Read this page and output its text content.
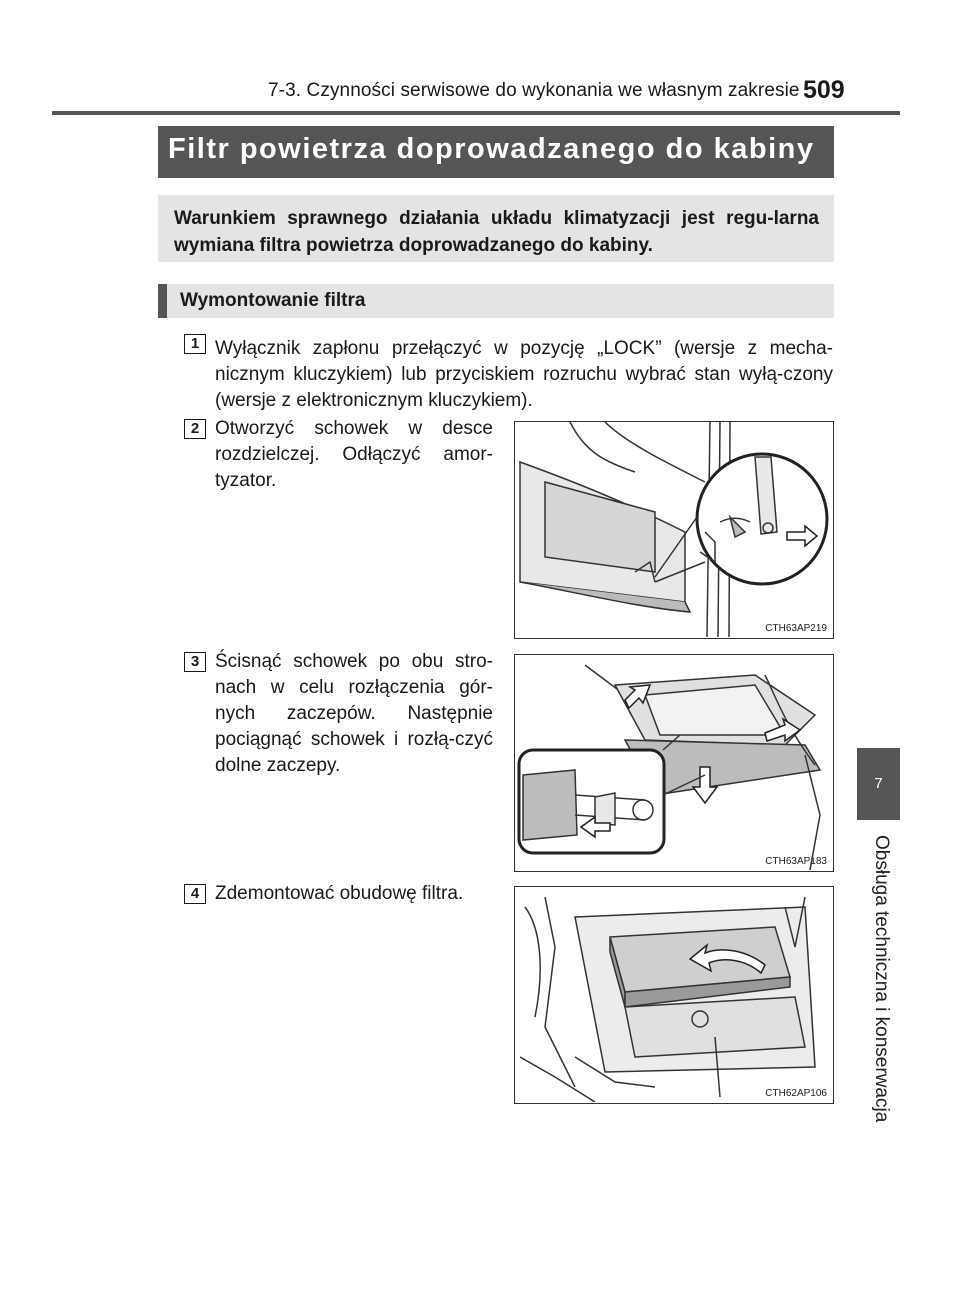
7-3. Czynności serwisowe do wykonania we własnym zakresie 509
7
Obsługa techniczna i konserwacja
Filtr powietrza doprowadzanego do kabiny
Warunkiem sprawnego działania układu klimatyzacji jest regu-larna wymiana filtra powietrza doprowadzanego do kabiny.
Wymontowanie filtra
1 Wyłącznik zapłonu przełączyć w pozycję „LOCK” (wersje z mecha-nicznym kluczykiem) lub przyciskiem rozruchu wybrać stan wyłą-czony (wersje z elektronicznym kluczykiem).
2 Otworzyć schowek w desce rozdzielczej. Odłączyć amor-tyzator.
CTH63AP219
3 Ścisnąć schowek po obu stro-nach w celu rozłączenia gór-nych zaczepów. Następnie pociągnąć schowek i rozłą-czyć dolne zaczepy.
CTH63AP183
4 Zdemontować obudowę filtra.
CTH62AP106
